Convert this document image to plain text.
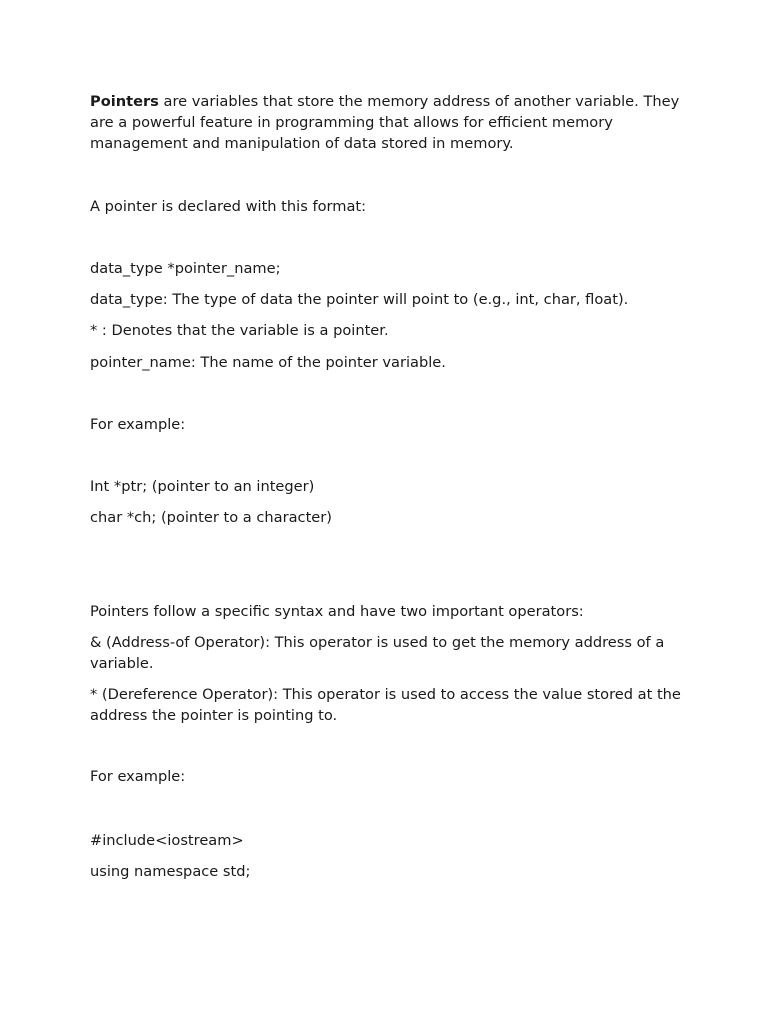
Pointers are variables that store the memory address of another variable. They are a powerful feature in programming that allows for efficient memory management and manipulation of data stored in memory.

A pointer is declared with this format:

data_type *pointer_name;

data_type: The type of data the pointer will point to (e.g., int, char, float).

* : Denotes that the variable is a pointer.

pointer_name: The name of the pointer variable.

For example:

Int *ptr; (pointer to an integer)

char *ch; (pointer to a character)

Pointers follow a specific syntax and have two important operators:

& (Address-of Operator): This operator is used to get the memory address of a variable.

* (Dereference Operator): This operator is used to access the value stored at the address the pointer is pointing to.

For example:

#include<iostream>

using namespace std;
